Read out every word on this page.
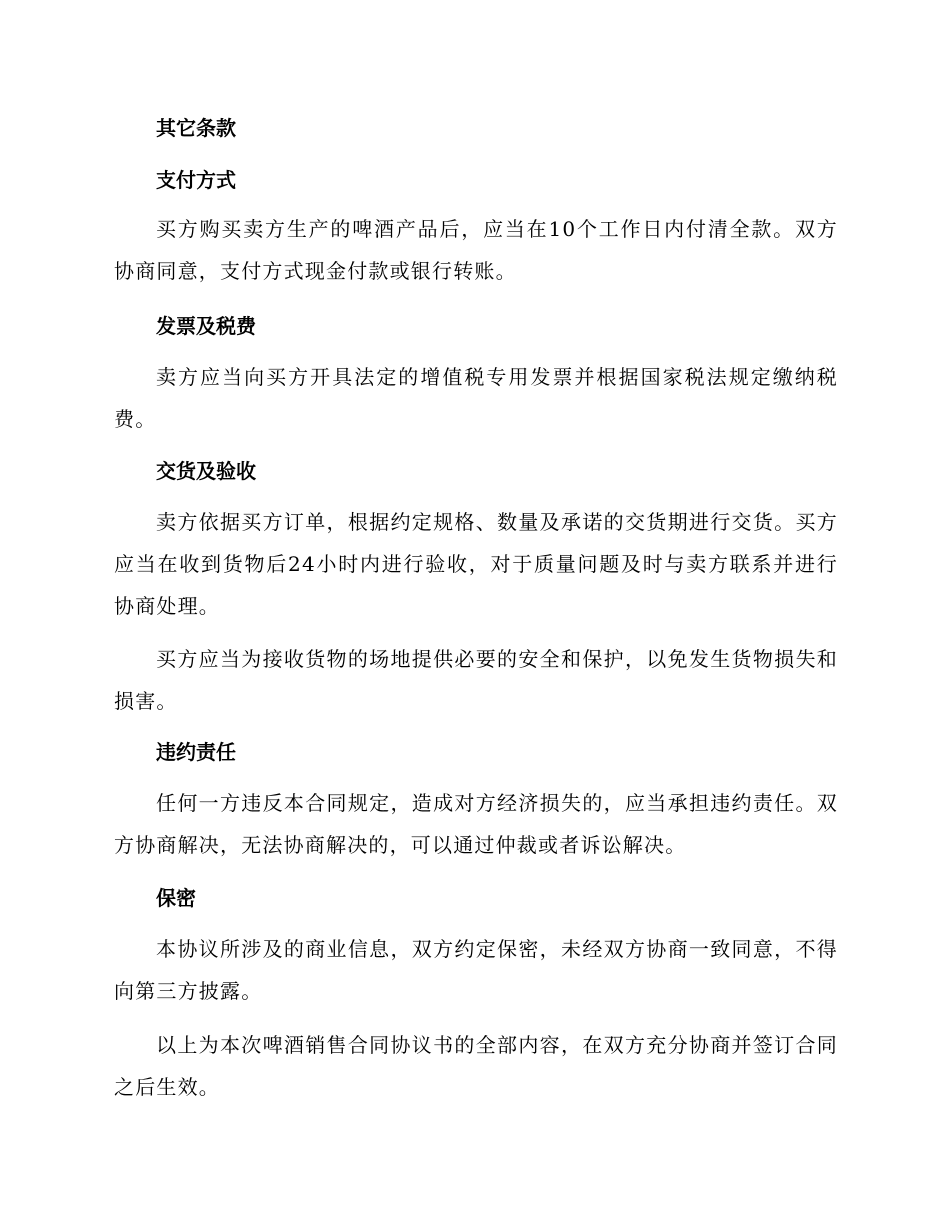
其它条款
支付方式

买方购买卖方生产的啤酒产品后，应当在10个工作日内付清全款。双方协商同意，支付方式现金付款或银行转账。

发票及税费

卖方应当向买方开具法定的增值税专用发票并根据国家税法规定缴纳税费。

交货及验收

卖方依据买方订单，根据约定规格、数量及承诺的交货期进行交货。买方应当在收到货物后24小时内进行验收，对于质量问题及时与卖方联系并进行协商处理。

买方应当为接收货物的场地提供必要的安全和保护，以免发生货物损失和损害。

违约责任

任何一方违反本合同规定，造成对方经济损失的，应当承担违约责任。双方协商解决，无法协商解决的，可以通过仲裁或者诉讼解决。

保密

本协议所涉及的商业信息，双方约定保密，未经双方协商一致同意，不得向第三方披露。

以上为本次啤酒销售合同协议书的全部内容，在双方充分协商并签订合同之后生效。
